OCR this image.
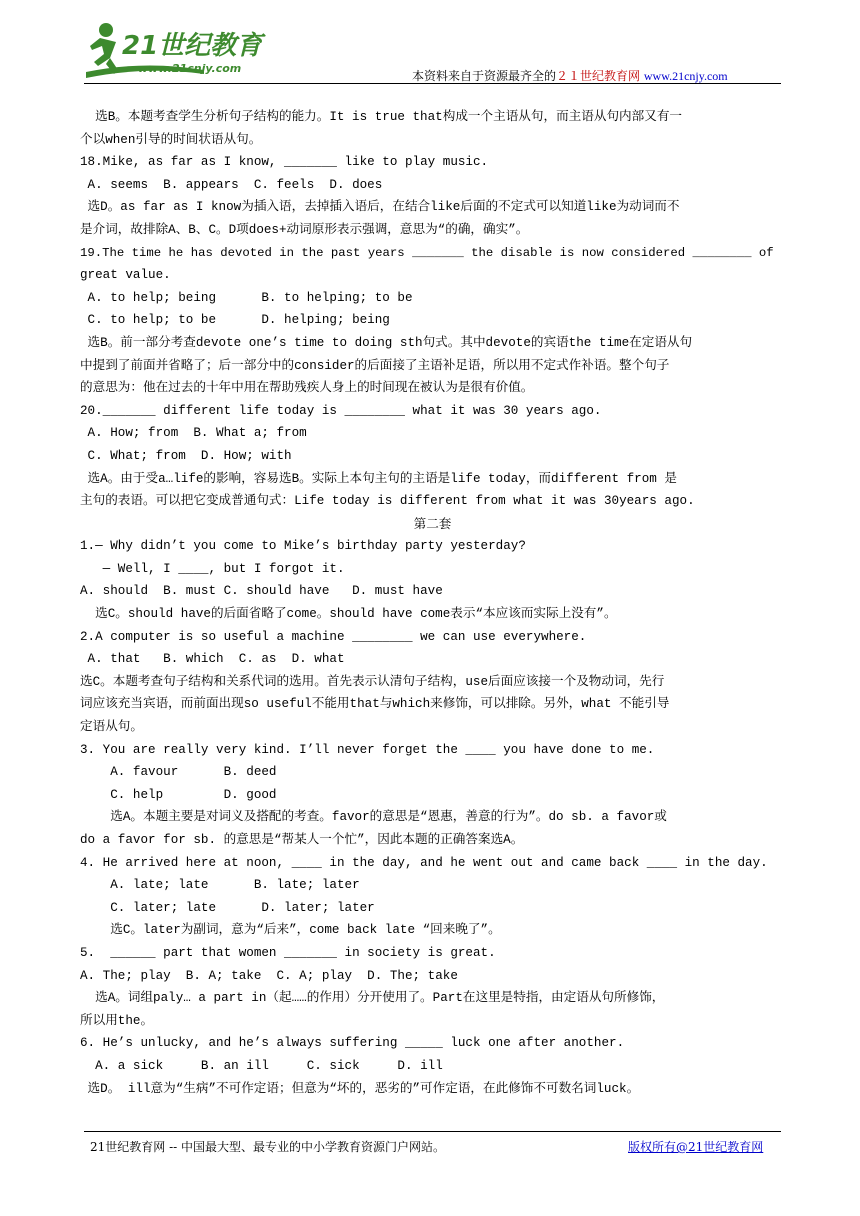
21世纪教育
www.21cnjy.com
本资料来自于资源最齐全的２１世纪教育网 www.21cnjy.com
选B。本题考查学生分析句子结构的能力。It is true that构成一个主语从句，而主语从句内部又有一
个以when引导的时间状语从句。
18.Mike, as far as I know, _______ like to play music.
A. seems  B. appears  C. feels  D. does
选D。as far as I know为插入语，去掉插入语后，在结合like后面的不定式可以知道like为动词而不
是介词，故排除A、B、C。D项does+动词原形表示强调，意思为“的确，确实”。
19.The time he has devoted in the past years _______ the disable is now considered ________ of
great value.
A. to help; being      B. to helping; to be
C. to help; to be      D. helping; being
选B。前一部分考查devote one’s time to doing sth句式。其中devote的宾语the time在定语从句
中提到了前面并省略了；后一部分中的consider的后面接了主语补足语，所以用不定式作补语。整个句子
的意思为：他在过去的十年中用在帮助残疾人身上的时间现在被认为是很有价值。
20._______ different life today is ________ what it was 30 years ago.
A. How; from  B. What a; from
C. What; from  D. How; with
选A。由于受a…life的影响，容易选B。实际上本句主句的主语是life today，而different from 是
主句的表语。可以把它变成普通句式：Life today is different from what it was 30years ago.
第二套
1.— Why didn’t you come to Mike’s birthday party yesterday?
— Well, I ____, but I forgot it.
A. should  B. must C. should have   D. must have
选C。should have的后面省略了come。should have come表示“本应该而实际上没有”。
2.A computer is so useful a machine ________ we can use everywhere.
A. that   B. which  C. as  D. what
选C。本题考查句子结构和关系代词的选用。首先表示认清句子结构，use后面应该接一个及物动词，先行
词应该充当宾语，而前面出现so useful不能用that与which来修饰，可以排除。另外，what 不能引导
定语从句。
3. You are really very kind. I’ll never forget the ____ you have done to me.
A. favour      B. deed
C. help        D. good
选A。本题主要是对词义及搭配的考查。favor的意思是“恩惠，善意的行为”。do sb. a favor或
do a favor for sb. 的意思是“帮某人一个忙”，因此本题的正确答案选A。
4. He arrived here at noon, ____ in the day, and he went out and came back ____ in the day.
A. late; late      B. late; later
C. later; late      D. later; later
选C。later为副词，意为“后来”，come back late “回来晚了”。
5.  ______ part that women _______ in society is great.
A. The; play  B. A; take  C. A; play  D. The; take
选A。词组paly… a part in（起……的作用）分开使用了。Part在这里是特指，由定语从句所修饰，
所以用the。
6. He’s unlucky, and he’s always suffering _____ luck one after another.
A. a sick     B. an ill     C. sick     D. ill
选D。 ill意为“生病”不可作定语；但意为“坏的，恶劣的”可作定语，在此修饰不可数名词luck。
21世纪教育网 -- 中国最大型、最专业的中小学教育资源门户网站。	版权所有@21世纪教育网
